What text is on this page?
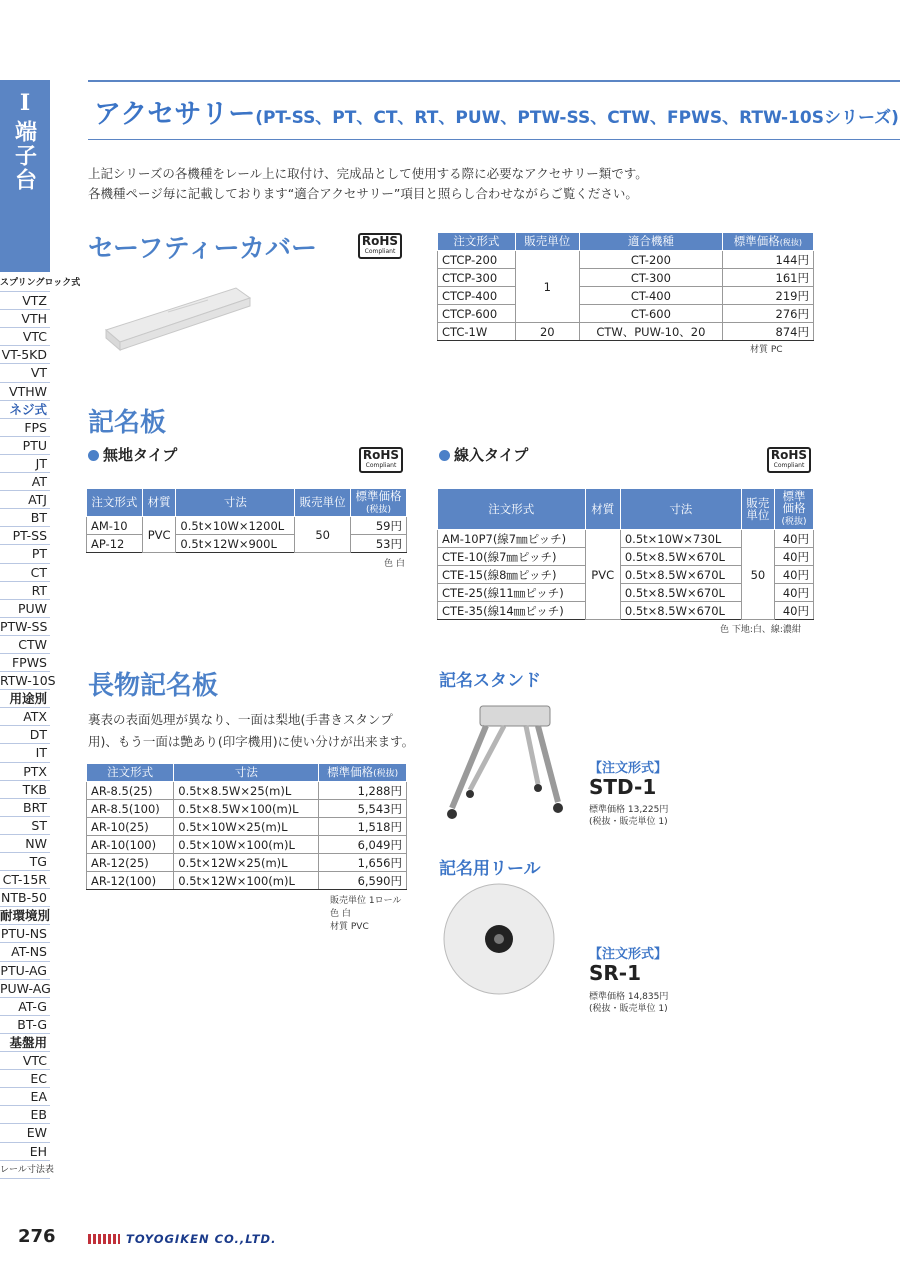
I
端子台
スプリングロック式
VTZ
VTH
VTC
VT-5KD
VT
VTHW
ネジ式
FPS
PTU
JT
AT
ATJ
BT
PT-SS
PT
CT
RT
PUW
PTW-SS
CTW
FPWS
RTW-10S
用途別
ATX
DT
IT
PTX
TKB
BRT
ST
NW
TG
CT-15R
NTB-50
耐環境別
PTU-NS
AT-NS
PTU-AG
PUW-AG
AT-G
BT-G
基盤用
VTC
EC
EA
EB
EW
EH
レール寸法表
アクセサリー(PT-SS、PT、CT、RT、PUW、PTW-SS、CTW、FPWS、RTW-10Sシリーズ)
上記シリーズの各機種をレール上に取付け、完成品として使用する際に必要なアクセサリー類です。
各機種ページ毎に記載しております“適合アクセサリー”項目と照らし合わせながらご覧ください。
セーフティーカバー	RoHS
Compliant
注文形式	販売単位	適合機種	標準価格(税抜)
CTCP-200	1	CT-200	144円
CTCP-300		CT-300	161円
CTCP-400		CT-400	219円
CTCP-600		CT-600	276円
CTC-1W	20	CTW、PUW-10、20	874円
材質 PC
記名板
無地タイプ	RoHS
Compliant
注文形式	材質	寸法	販売単位	標準価格
(税抜)
AM-10	PVC	0.5t×10W×1200L	50	59円
AP-12		0.5t×12W×900L		53円
色 白
線入タイプ	RoHS
Compliant
注文形式	材質	寸法	販売
単位	標準
価格
(税抜)
AM-10P7(線7㎜ピッチ)	PVC	0.5t×10W×730L	50	40円
CTE-10(線7㎜ピッチ)		0.5t×8.5W×670L		40円
CTE-15(線8㎜ピッチ)		0.5t×8.5W×670L		40円
CTE-25(線11㎜ピッチ)		0.5t×8.5W×670L		40円
CTE-35(線14㎜ピッチ)		0.5t×8.5W×670L		40円
色 下地:白、線:濃紺
長物記名板
裏表の表面処理が異なり、一面は梨地(手書きスタンプ
用)、もう一面は艶あり(印字機用)に使い分けが出来ます。
注文形式	寸法	標準価格(税抜)
AR-8.5(25)	0.5t×8.5W×25(m)L	1,288円
AR-8.5(100)	0.5t×8.5W×100(m)L	5,543円
AR-10(25)	0.5t×10W×25(m)L	1,518円
AR-10(100)	0.5t×10W×100(m)L	6,049円
AR-12(25)	0.5t×12W×25(m)L	1,656円
AR-12(100)	0.5t×12W×100(m)L	6,590円
販売単位 1ロール
色 白
材質 PVC
記名スタンド
【注文形式】
STD-1
標準価格 13,225円
(税抜・販売単位 1)
記名用リール
【注文形式】
SR-1
標準価格 14,835円
(税抜・販売単位 1)
276	TOYOGIKEN CO.,LTD.
